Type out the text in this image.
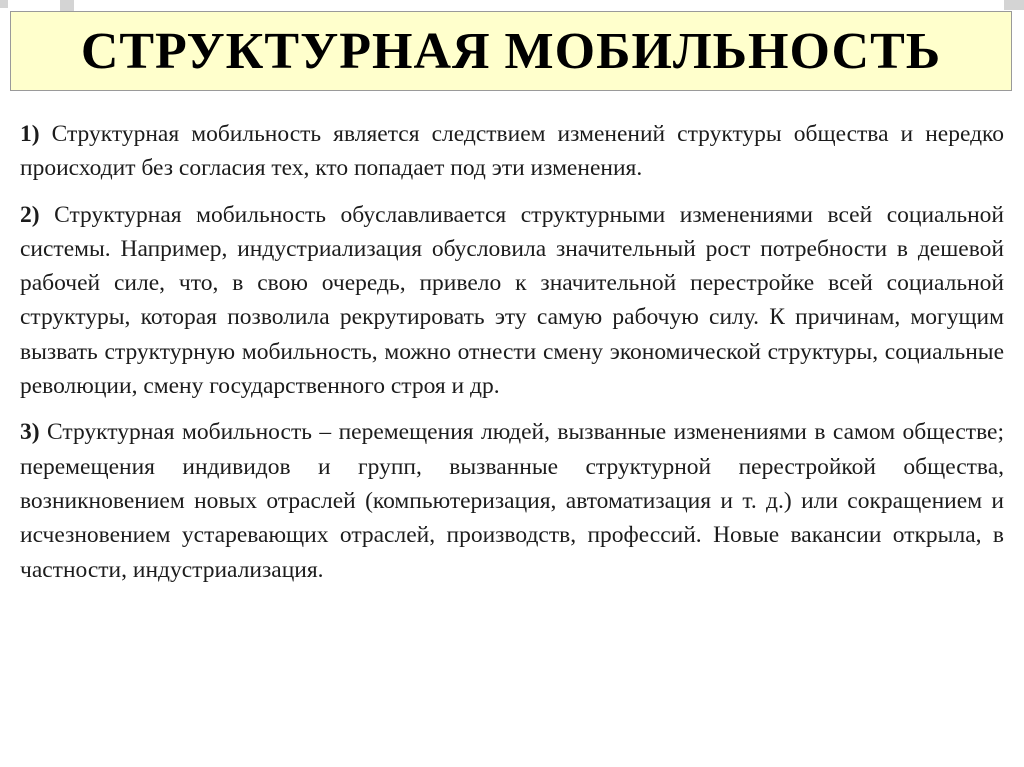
СТРУКТУРНАЯ МОБИЛЬНОСТЬ

1) Структурная мобильность является следствием изменений структуры общества и нередко происходит без согласия тех, кто попадает под эти изменения.

2) Структурная мобильность обуславливается структурными изменениями всей социальной системы. Например, индустриализация обусловила значительный рост потребности в дешевой рабочей силе, что, в свою очередь, привело к значительной перестройке всей социальной структуры, которая позволила рекрутировать эту самую рабочую силу. К причинам, могущим вызвать структурную мобильность, можно отнести смену экономической структуры, социальные революции, смену государственного строя и др.

3) Структурная мобильность – перемещения людей, вызванные изменениями в самом обществе; перемещения индивидов и групп, вызванные структурной перестройкой общества, возникновением новых отраслей (компьютеризация, автоматизация и т. д.) или сокращением и исчезновением устаревающих отраслей, производств, профессий. Новые вакансии открыла, в частности, индустриализация.
